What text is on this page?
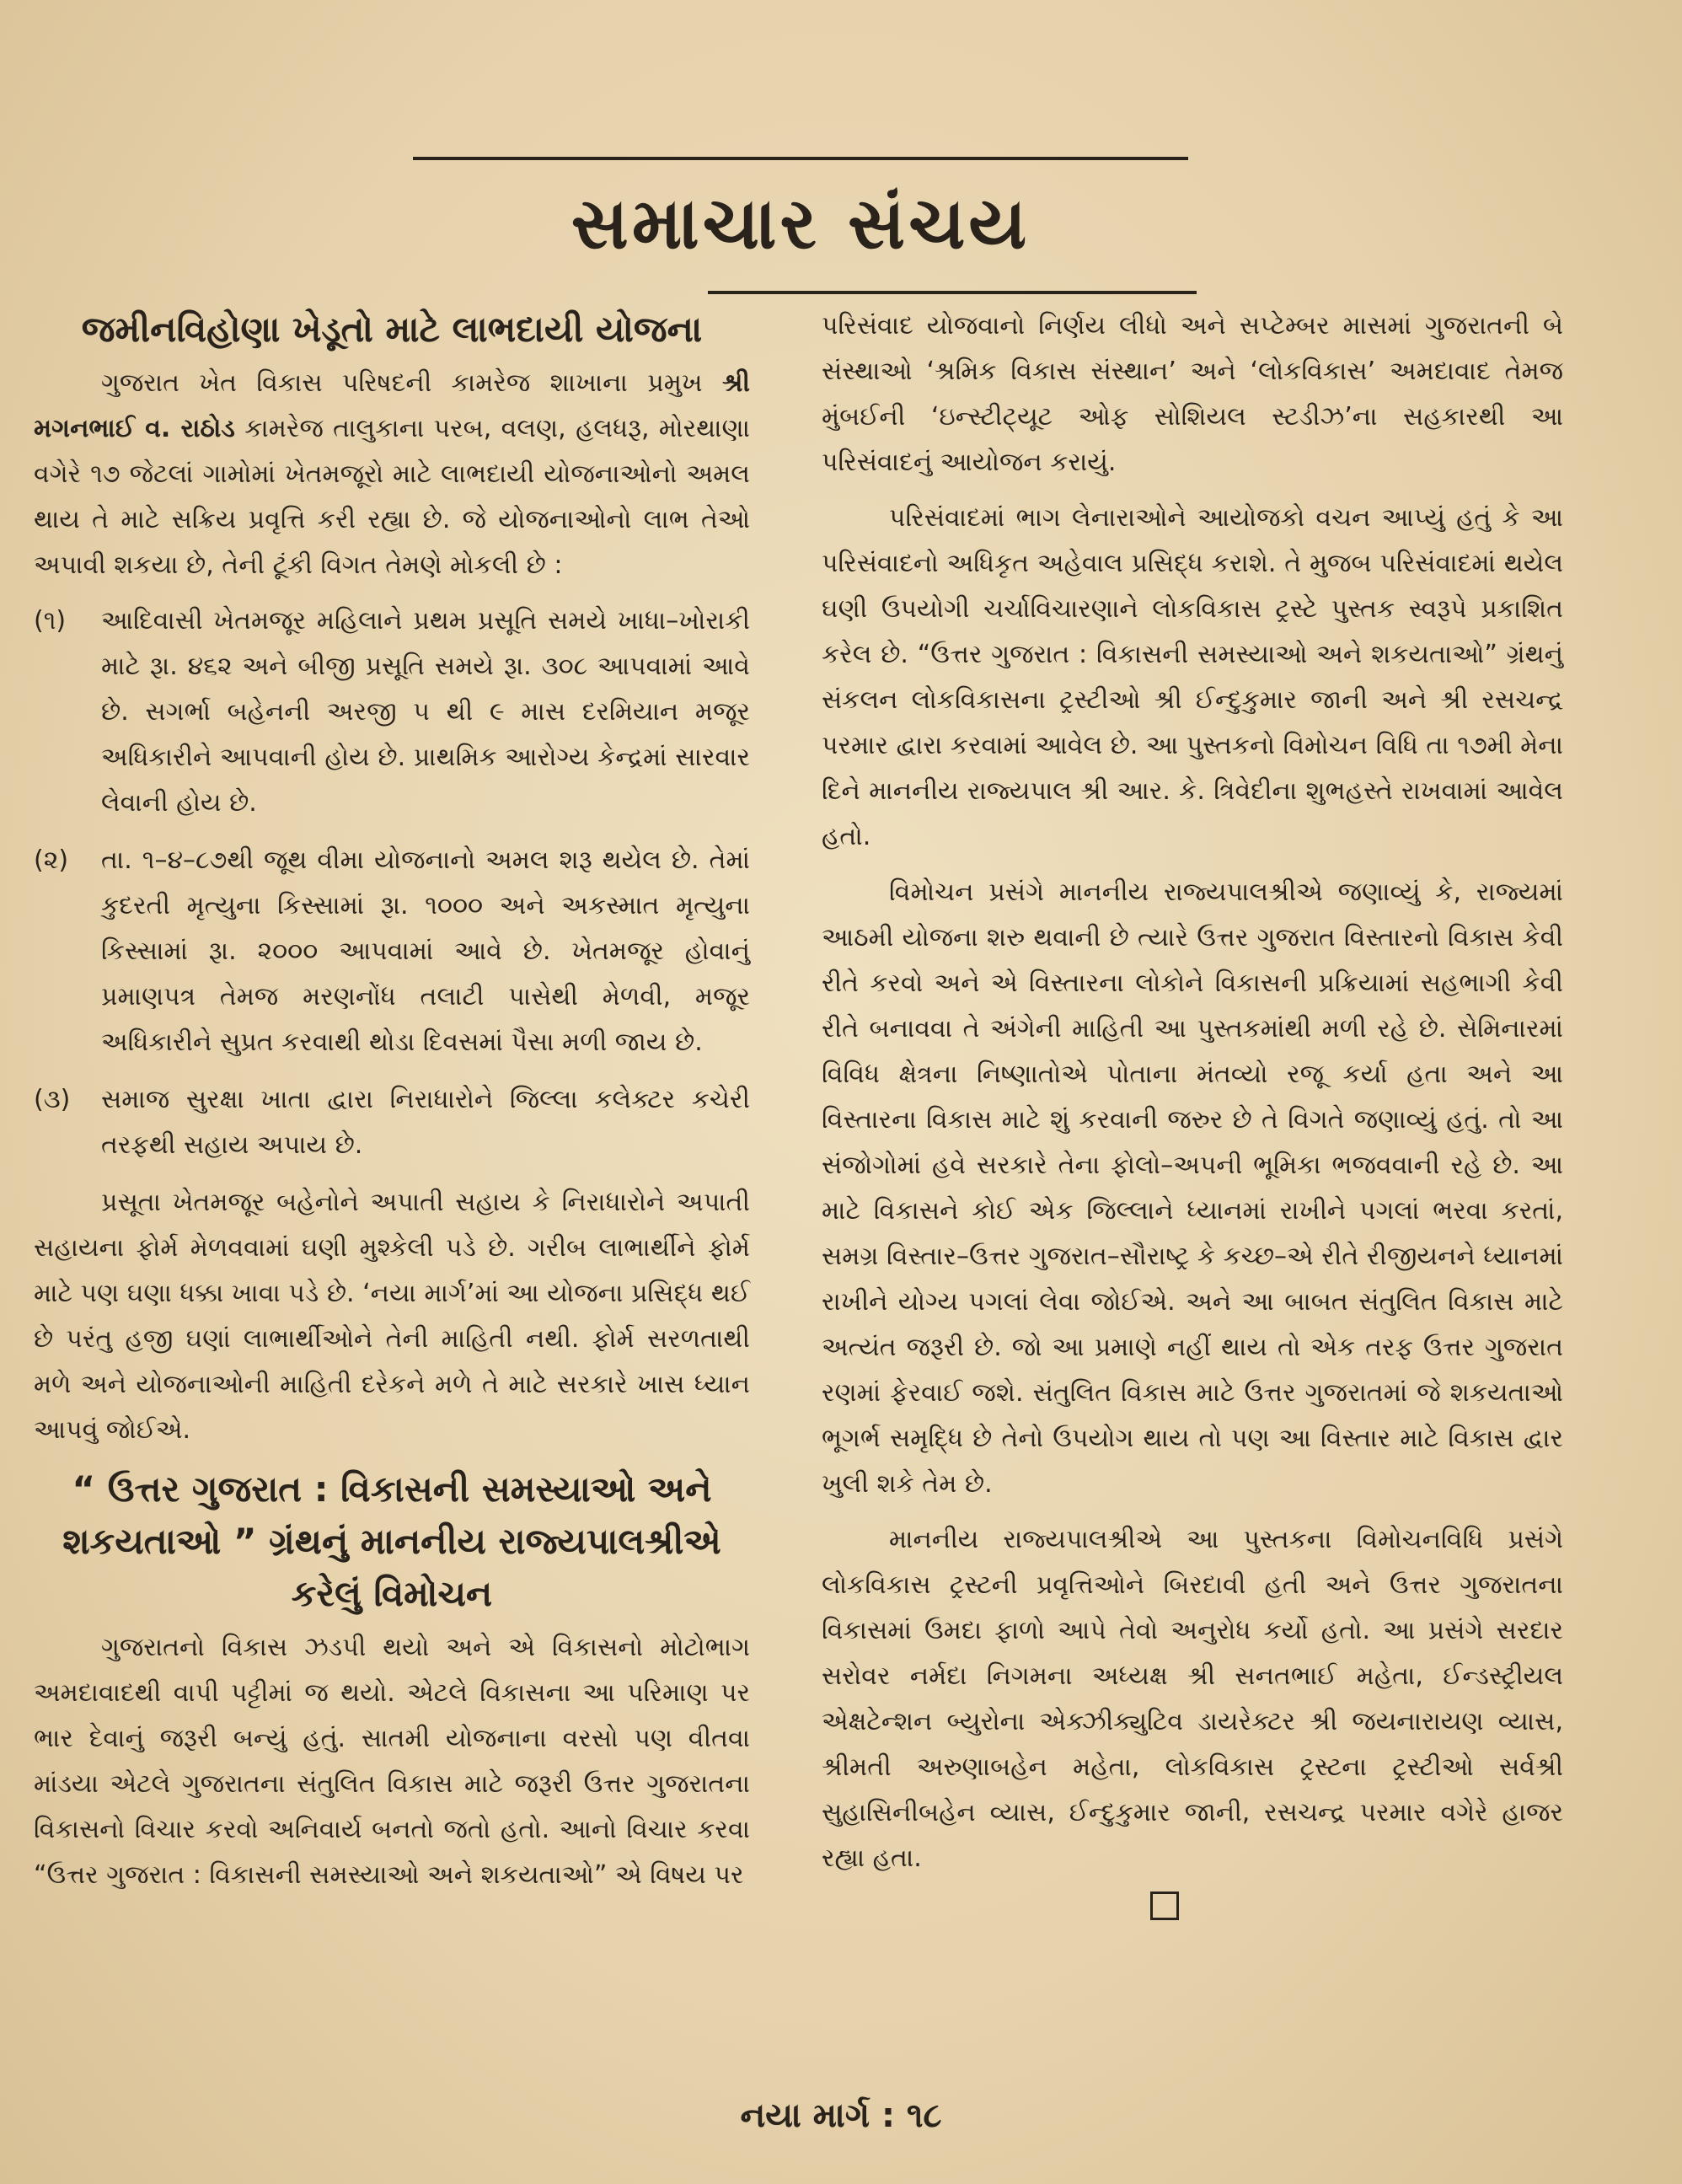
સમાચાર સંચય
જમીનવિહોણા ખેડૂતો માટે લાભદાયી યોજના

ગુજરાત ખેત વિકાસ પરિષદની કામરેજ શાખાના પ્રમુખ શ્રી મગનભાઈ વ. રાઠોડ કામરેજ તાલુકાના પરબ, વલણ, હલધરૂ, મોરથાણા વગેરે ૧૭ જેટલાં ગામોમાં ખેતમજૂરો માટે લાભદાયી યોજનાઓનો અમલ થાય તે માટે સક્રિય પ્રવૃત્તિ કરી રહ્યા છે. જે યોજનાઓનો લાભ તેઓ અપાવી શકયા છે, તેની ટૂંકી વિગત તેમણે મોકલી છે :

(૧)	આદિવાસી ખેતમજૂર મહિલાને પ્રથમ પ્રસૂતિ સમયે ખાધા–ખોરાકી માટે રૂા. ૪૬૨ અને બીજી પ્રસૂતિ સમયે રૂા. ૩૦૮ આપવામાં આવે છે. સગર્ભા બહેનની અરજી ૫ થી ૯ માસ દરમિયાન મજૂર અધિકારીને આપવાની હોય છે. પ્રાથમિક આરોગ્ય કેન્દ્રમાં સારવાર લેવાની હોય છે.
(૨)	તા. ૧–૪–૮૭થી જૂથ વીમા યોજનાનો અમલ શરૂ થયેલ છે. તેમાં કુદરતી મૃત્યુના કિસ્સામાં રૂા. ૧૦૦૦ અને અકસ્માત મૃત્યુના કિસ્સામાં રૂા. ૨૦૦૦ આપવામાં આવે છે. ખેતમજૂર હોવાનું પ્રમાણપત્ર તેમજ મરણનોંધ તલાટી પાસેથી મેળવી, મજૂર અધિકારીને સુપ્રત કરવાથી થોડા દિવસમાં પૈસા મળી જાય છે.
(૩)	સમાજ સુરક્ષા ખાતા દ્વારા નિરાધારોને જિલ્લા કલેક્ટર કચેરી તરફથી સહાય અપાય છે.

પ્રસૂતા ખેતમજૂર બહેનોને અપાતી સહાય કે નિરાધારોને અપાતી સહાયના ફોર્મ મેળવવામાં ઘણી મુશ્કેલી પડે છે. ગરીબ લાભાર્થીને ફોર્મ માટે પણ ઘણા ધક્કા ખાવા પડે છે. ‘નયા માર્ગ’માં આ યોજના પ્રસિદ્ધ થઈ છે પરંતુ હજી ઘણાં લાભાર્થીઓને તેની માહિતી નથી. ફોર્મ સરળતાથી મળે અને યોજનાઓની માહિતી દરેકને મળે તે માટે સરકારે ખાસ ધ્યાન આપવું જોઈએ.

“ ઉત્તર ગુજરાત : વિકાસની સમસ્યાઓ અને શકયતાઓ ” ગ્રંથનું માનનીય રાજ્યપાલશ્રીએ કરેલું વિમોચન

ગુજરાતનો વિકાસ ઝડપી થયો અને એ વિકાસનો મોટોભાગ અમદાવાદથી વાપી પટ્ટીમાં જ થયો. એટલે વિકાસના આ પરિમાણ પર ભાર દેવાનું જરૂરી બન્યું હતું. સાતમી યોજનાના વરસો પણ વીતવા માંડયા એટલે ગુજરાતના સંતુલિત વિકાસ માટે જરૂરી ઉત્તર ગુજરાતના વિકાસનો વિચાર કરવો અનિવાર્ય બનતો જતો હતો. આનો વિચાર કરવા “ઉત્તર ગુજરાત : વિકાસની સમસ્યાઓ અને શકયતાઓ” એ વિષય પર

પરિસંવાદ યોજવાનો નિર્ણય લીધો અને સપ્ટેમ્બર માસમાં ગુજરાતની બે સંસ્થાઓ ‘શ્રમિક વિકાસ સંસ્થાન’ અને ‘લોકવિકાસ’ અમદાવાદ તેમજ મુંબઈની ‘ઇન્સ્ટીટ્યૂટ ઓફ સોશિયલ સ્ટડીઝ’ના સહકારથી આ પરિસંવાદનું આયોજન કરાયું.

પરિસંવાદમાં ભાગ લેનારાઓને આયોજકો વચન આપ્યું હતું કે આ પરિસંવાદનો અધિકૃત અહેવાલ પ્રસિદ્ધ કરાશે. તે મુજબ પરિસંવાદમાં થયેલ ઘણી ઉપયોગી ચર્ચાવિચારણાને લોકવિકાસ ટ્રસ્ટે પુસ્તક સ્વરૂપે પ્રકાશિત કરેલ છે. “ઉત્તર ગુજરાત : વિકાસની સમસ્યાઓ અને શકયતાઓ” ગ્રંથનું સંકલન લોકવિકાસના ટ્રસ્ટીઓ શ્રી ઈન્દુકુમાર જાની અને શ્રી રસચન્દ્ર પરમાર દ્વારા કરવામાં આવેલ છે. આ પુસ્તકનો વિમોચન વિધિ તા ૧૭મી મેના દિને માનનીય રાજ્યપાલ શ્રી આર. કે. ત્રિવેદીના શુભહસ્તે રાખવામાં આવેલ હતો.

વિમોચન પ્રસંગે માનનીય રાજ્યપાલશ્રીએ જણાવ્યું કે, રાજ્યમાં આઠમી યોજના શરુ થવાની છે ત્યારે ઉત્તર ગુજરાત વિસ્તારનો વિકાસ કેવી રીતે કરવો અને એ વિસ્તારના લોકોને વિકાસની પ્રક્રિયામાં સહભાગી કેવી રીતે બનાવવા તે અંગેની માહિતી આ પુસ્તકમાંથી મળી રહે છે. સેમિનારમાં વિવિધ ક્ષેત્રના નિષ્ણાતોએ પોતાના મંતવ્યો રજૂ કર્યા હતા અને આ વિસ્તારના વિકાસ માટે શું કરવાની જરુર છે તે વિગતે જણાવ્યું હતું. તો આ સંજોગોમાં હવે સરકારે તેના ફોલો–અપની ભૂમિકા ભજવવાની રહે છે. આ માટે વિકાસને કોઈ એક જિલ્લાને ધ્યાનમાં રાખીને પગલાં ભરવા કરતાં, સમગ્ર વિસ્તાર–ઉત્તર ગુજરાત–સૌરાષ્ટ્ર કે કચ્છ–એ રીતે રીજીયનને ધ્યાનમાં રાખીને યોગ્ય પગલાં લેવા જોઈએ. અને આ બાબત સંતુલિત વિકાસ માટે અત્યંત જરૂરી છે. જો આ પ્રમાણે નહીં થાય તો એક તરફ ઉત્તર ગુજરાત રણમાં ફેરવાઈ જશે. સંતુલિત વિકાસ માટે ઉત્તર ગુજરાતમાં જે શકયતાઓ ભૂગર્ભ સમૃદ્ધિ છે તેનો ઉપયોગ થાય તો પણ આ વિસ્તાર માટે વિકાસ દ્વાર ખુલી શકે તેમ છે.

માનનીય રાજ્યપાલશ્રીએ આ પુસ્તકના વિમોચનવિધિ પ્રસંગે લોકવિકાસ ટ્રસ્ટની પ્રવૃત્તિઓને બિરદાવી હતી અને ઉત્તર ગુજરાતના વિકાસમાં ઉમદા ફાળો આપે તેવો અનુરોધ કર્યો હતો. આ પ્રસંગે સરદાર સરોવર નર્મદા નિગમના અધ્યક્ષ શ્રી સનતભાઈ મહેતા, ઈન્ડસ્ટ્રીયલ એક્ષટેન્શન બ્યુરોના એક્ઝીક્યુટિવ ડાયરેક્ટર શ્રી જયનારાયણ વ્યાસ, શ્રીમતી અરુણાબહેન મહેતા, લોકવિકાસ ટ્રસ્ટના ટ્રસ્ટીઓ સર્વશ્રી સુહાસિનીબહેન વ્યાસ, ઈન્દુકુમાર જાની, રસચન્દ્ર પરમાર વગેરે હાજર રહ્યા હતા.

નયા માર્ગ : ૧૮
